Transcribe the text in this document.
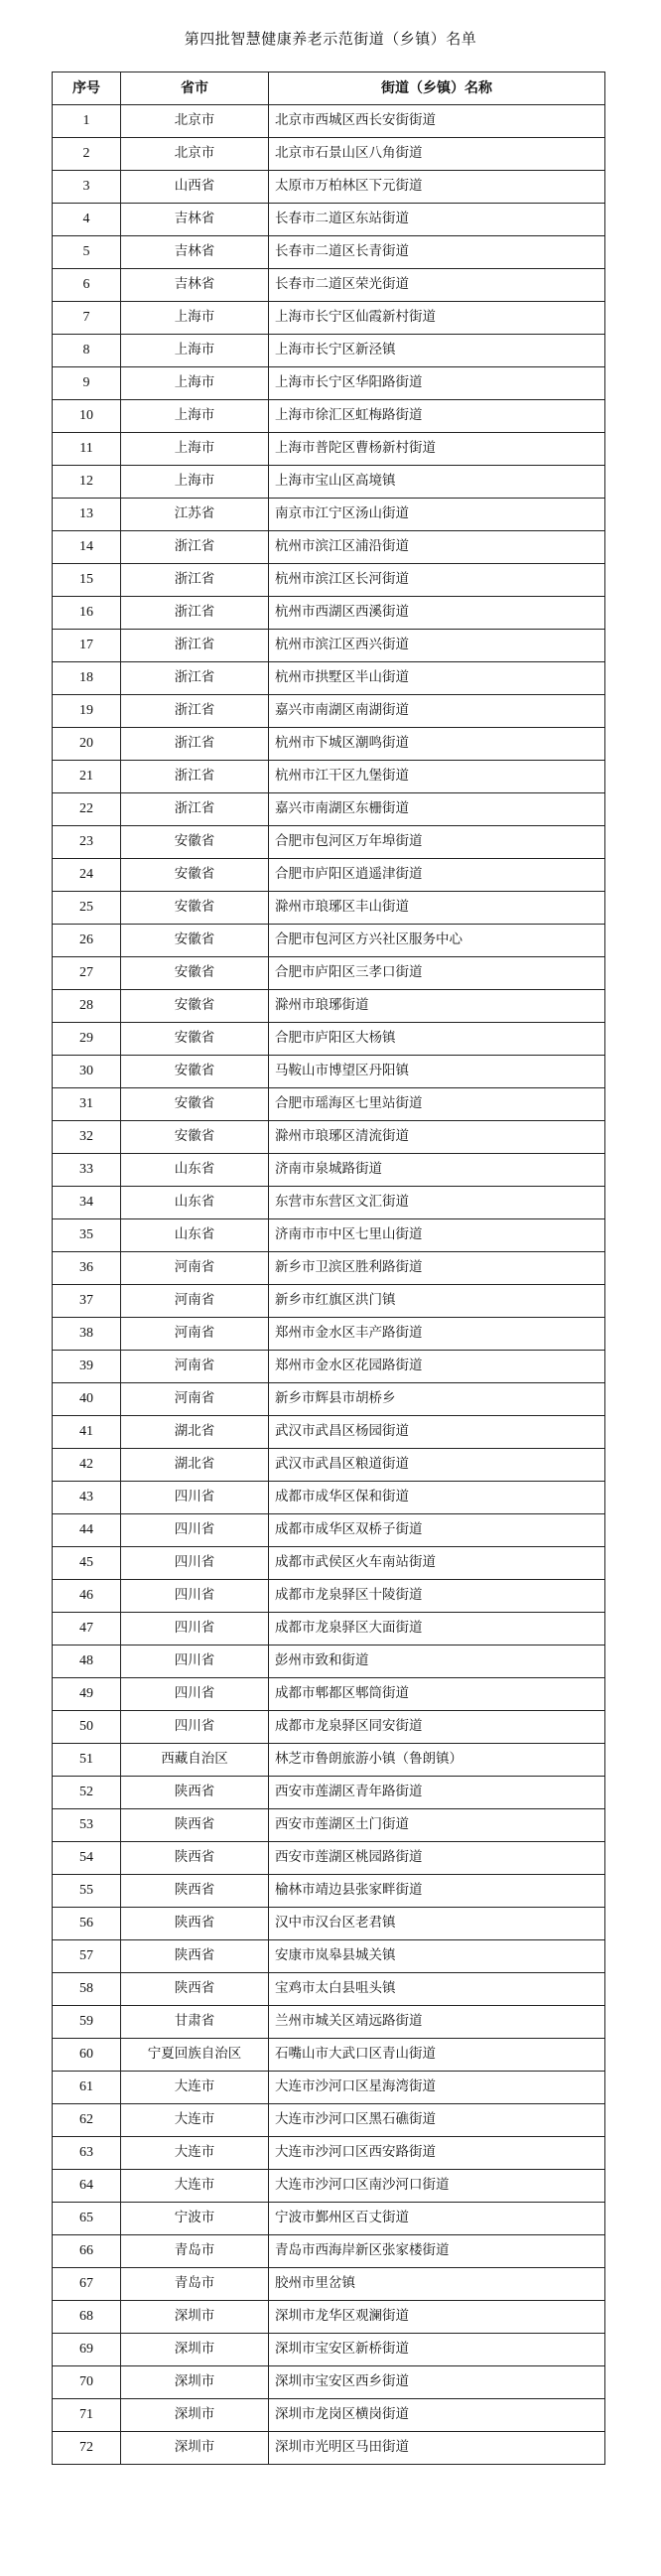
第四批智慧健康养老示范街道（乡镇）名单
序号	省市	街道（乡镇）名称
1	北京市	北京市西城区西长安街街道
2	北京市	北京市石景山区八角街道
3	山西省	太原市万柏林区下元街道
4	吉林省	长春市二道区东站街道
5	吉林省	长春市二道区长青街道
6	吉林省	长春市二道区荣光街道
7	上海市	上海市长宁区仙霞新村街道
8	上海市	上海市长宁区新泾镇
9	上海市	上海市长宁区华阳路街道
10	上海市	上海市徐汇区虹梅路街道
11	上海市	上海市普陀区曹杨新村街道
12	上海市	上海市宝山区高境镇
13	江苏省	南京市江宁区汤山街道
14	浙江省	杭州市滨江区浦沿街道
15	浙江省	杭州市滨江区长河街道
16	浙江省	杭州市西湖区西溪街道
17	浙江省	杭州市滨江区西兴街道
18	浙江省	杭州市拱墅区半山街道
19	浙江省	嘉兴市南湖区南湖街道
20	浙江省	杭州市下城区潮鸣街道
21	浙江省	杭州市江干区九堡街道
22	浙江省	嘉兴市南湖区东栅街道
23	安徽省	合肥市包河区万年埠街道
24	安徽省	合肥市庐阳区逍遥津街道
25	安徽省	滁州市琅琊区丰山街道
26	安徽省	合肥市包河区方兴社区服务中心
27	安徽省	合肥市庐阳区三孝口街道
28	安徽省	滁州市琅琊街道
29	安徽省	合肥市庐阳区大杨镇
30	安徽省	马鞍山市博望区丹阳镇
31	安徽省	合肥市瑶海区七里站街道
32	安徽省	滁州市琅琊区清流街道
33	山东省	济南市泉城路街道
34	山东省	东营市东营区文汇街道
35	山东省	济南市市中区七里山街道
36	河南省	新乡市卫滨区胜利路街道
37	河南省	新乡市红旗区洪门镇
38	河南省	郑州市金水区丰产路街道
39	河南省	郑州市金水区花园路街道
40	河南省	新乡市辉县市胡桥乡
41	湖北省	武汉市武昌区杨园街道
42	湖北省	武汉市武昌区粮道街道
43	四川省	成都市成华区保和街道
44	四川省	成都市成华区双桥子街道
45	四川省	成都市武侯区火车南站街道
46	四川省	成都市龙泉驿区十陵街道
47	四川省	成都市龙泉驿区大面街道
48	四川省	彭州市致和街道
49	四川省	成都市郫都区郫筒街道
50	四川省	成都市龙泉驿区同安街道
51	西藏自治区	林芝市鲁朗旅游小镇（鲁朗镇）
52	陕西省	西安市莲湖区青年路街道
53	陕西省	西安市莲湖区土门街道
54	陕西省	西安市莲湖区桃园路街道
55	陕西省	榆林市靖边县张家畔街道
56	陕西省	汉中市汉台区老君镇
57	陕西省	安康市岚皋县城关镇
58	陕西省	宝鸡市太白县咀头镇
59	甘肃省	兰州市城关区靖远路街道
60	宁夏回族自治区	石嘴山市大武口区青山街道
61	大连市	大连市沙河口区星海湾街道
62	大连市	大连市沙河口区黑石礁街道
63	大连市	大连市沙河口区西安路街道
64	大连市	大连市沙河口区南沙河口街道
65	宁波市	宁波市鄞州区百丈街道
66	青岛市	青岛市西海岸新区张家楼街道
67	青岛市	胶州市里岔镇
68	深圳市	深圳市龙华区观澜街道
69	深圳市	深圳市宝安区新桥街道
70	深圳市	深圳市宝安区西乡街道
71	深圳市	深圳市龙岗区横岗街道
72	深圳市	深圳市光明区马田街道
